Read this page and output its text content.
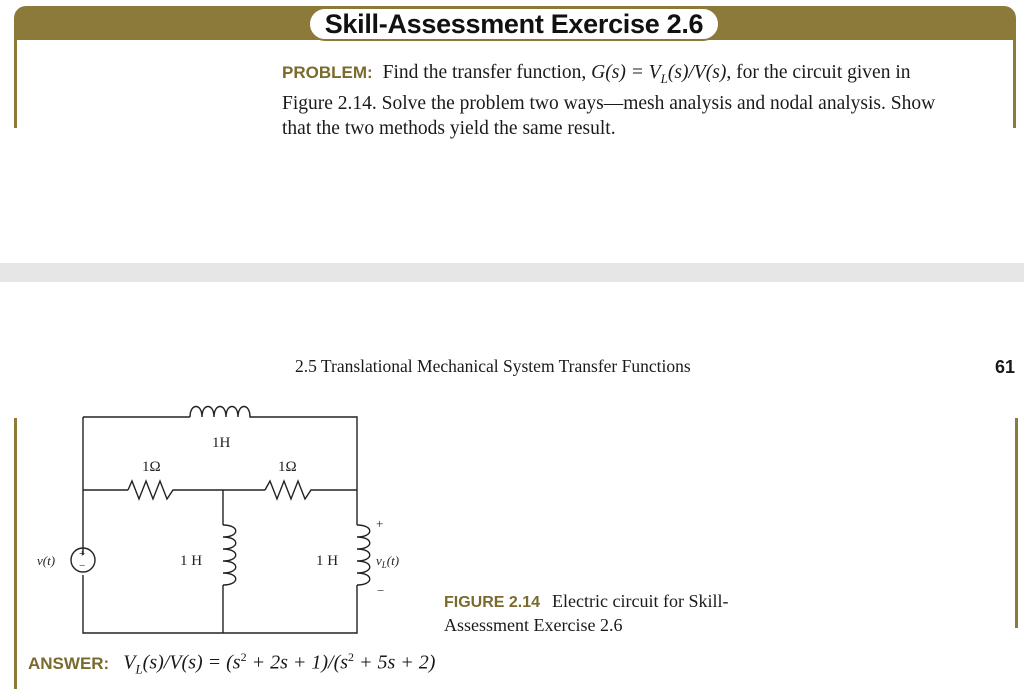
Skill-Assessment Exercise 2.6
PROBLEM: Find the transfer function, $G(s) = V_L(s)/V(s)$, for the circuit given in
Figure 2.14. Solve the problem two ways—mesh analysis and nodal analysis. Show
that the two methods yield the same result.
2.5 Translational Mechanical System Transfer Functions	61
1H
1Ω	1Ω
1 H	1 H
v(t) +
−
+
−
$v_L(t)$
FIGURE 2.14 Electric circuit for Skill-
Assessment Exercise 2.6
ANSWER: $V_L(s)/V(s) = (s^2 + 2s + 1)/(s^2 + 5s + 2)$
